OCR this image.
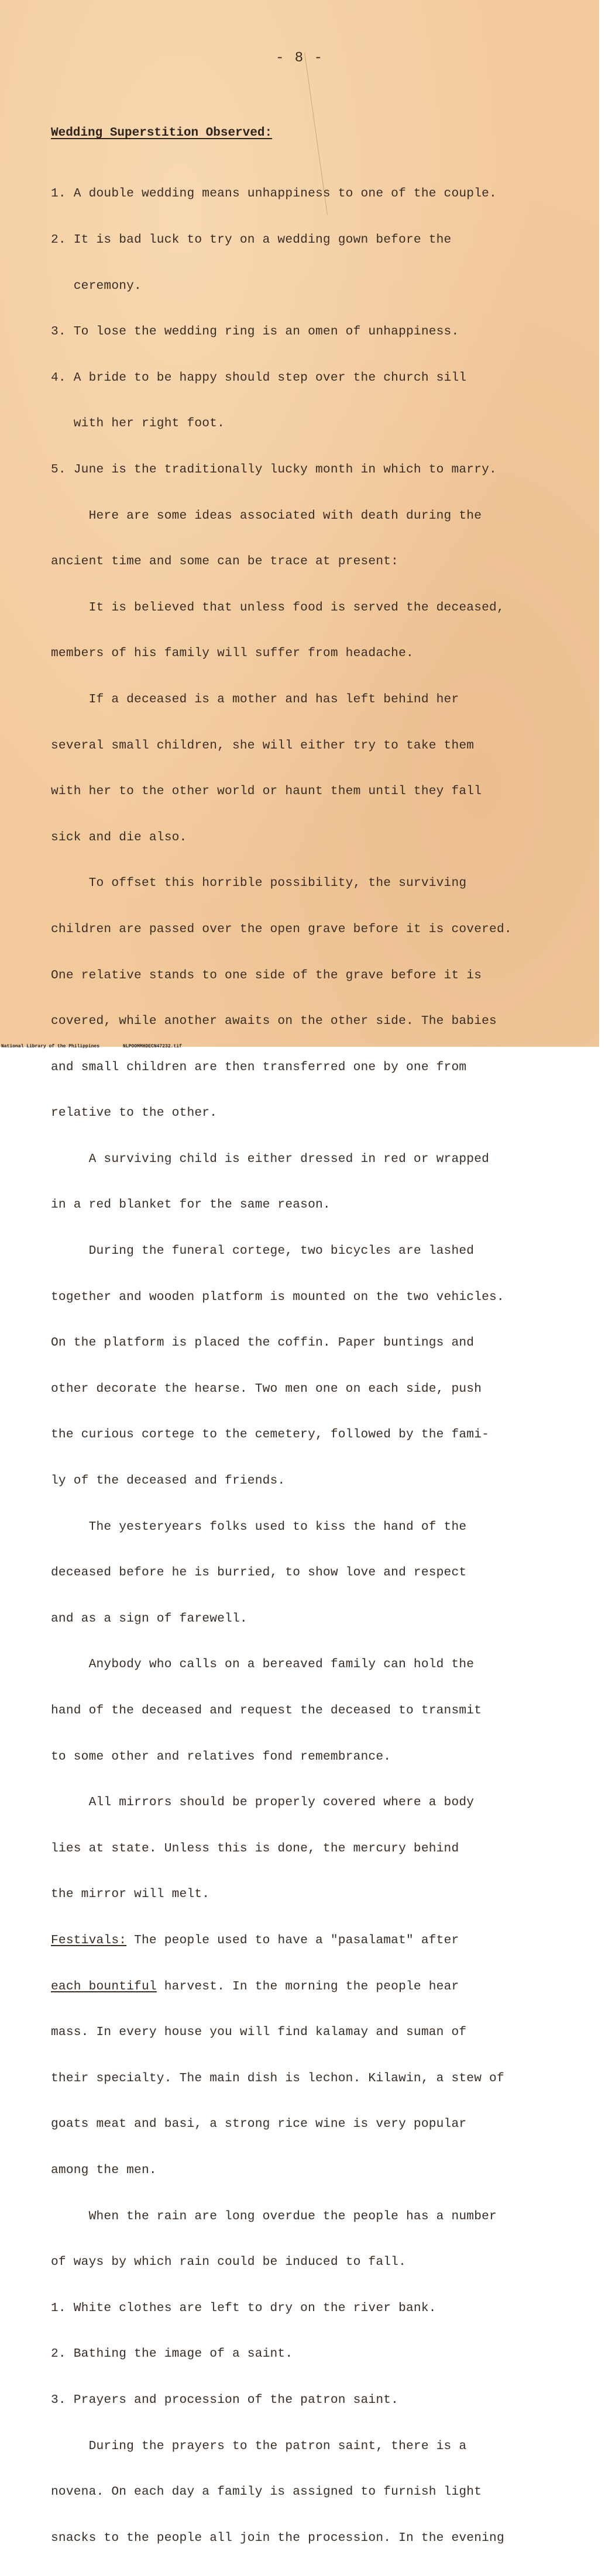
- 8 -
Wedding Superstition Observed:

1. A double wedding means unhappiness to one of the couple.

2. It is bad luck to try on a wedding gown before the

ceremony.

3. To lose the wedding ring is an omen of unhappiness.

4. A bride to be happy should step over the church sill

with her right foot.

5. June is the traditionally lucky month in which to marry.

Here are some ideas associated with death during the

ancient time and some can be trace at present:

It is believed that unless food is served the deceased,

members of his family will suffer from headache.

If a deceased is a mother and has left behind her

several small children, she will either try to take them

with her to the other world or haunt them until they fall

sick and die also.

To offset this horrible possibility, the surviving

children are passed over the open grave before it is covered.

One relative stands to one side of the grave before it is

covered, while another awaits on the other side. The babies

and small children are then transferred one by one from

relative to the other.

A surviving child is either dressed in red or wrapped

in a red blanket for the same reason.

During the funeral cortege, two bicycles are lashed

together and wooden platform is mounted on the two vehicles.

On the platform is placed the coffin. Paper buntings and

other decorate the hearse. Two men one on each side, push

the curious cortege to the cemetery, followed by the fami-

ly of the deceased and friends.

The yesteryears folks used to kiss the hand of the

deceased before he is burried, to show love and respect

and as a sign of farewell.

Anybody who calls on a bereaved family can hold the

hand of the deceased and request the deceased to transmit

to some other and relatives fond remembrance.

All mirrors should be properly covered where a body

lies at state. Unless this is done, the mercury behind

the mirror will melt.

Festivals: The people used to have a "pasalamat" after

each bountiful harvest. In the morning the people hear

mass. In every house you will find kalamay and suman of

their specialty. The main dish is lechon. Kilawin, a stew of

goats meat and basi, a strong rice wine is very popular

among the men.

When the rain are long overdue the people has a number

of ways by which rain could be induced to fall.

1. White clothes are left to dry on the river bank.

2. Bathing the image of a saint.

3. Prayers and procession of the patron saint.

During the prayers to the patron saint, there is a

novena. On each day a family is assigned to furnish light

snacks to the people all join the procession. In the evening

National Library of the Philippines	NLPOOMMHDECN47232.tif
